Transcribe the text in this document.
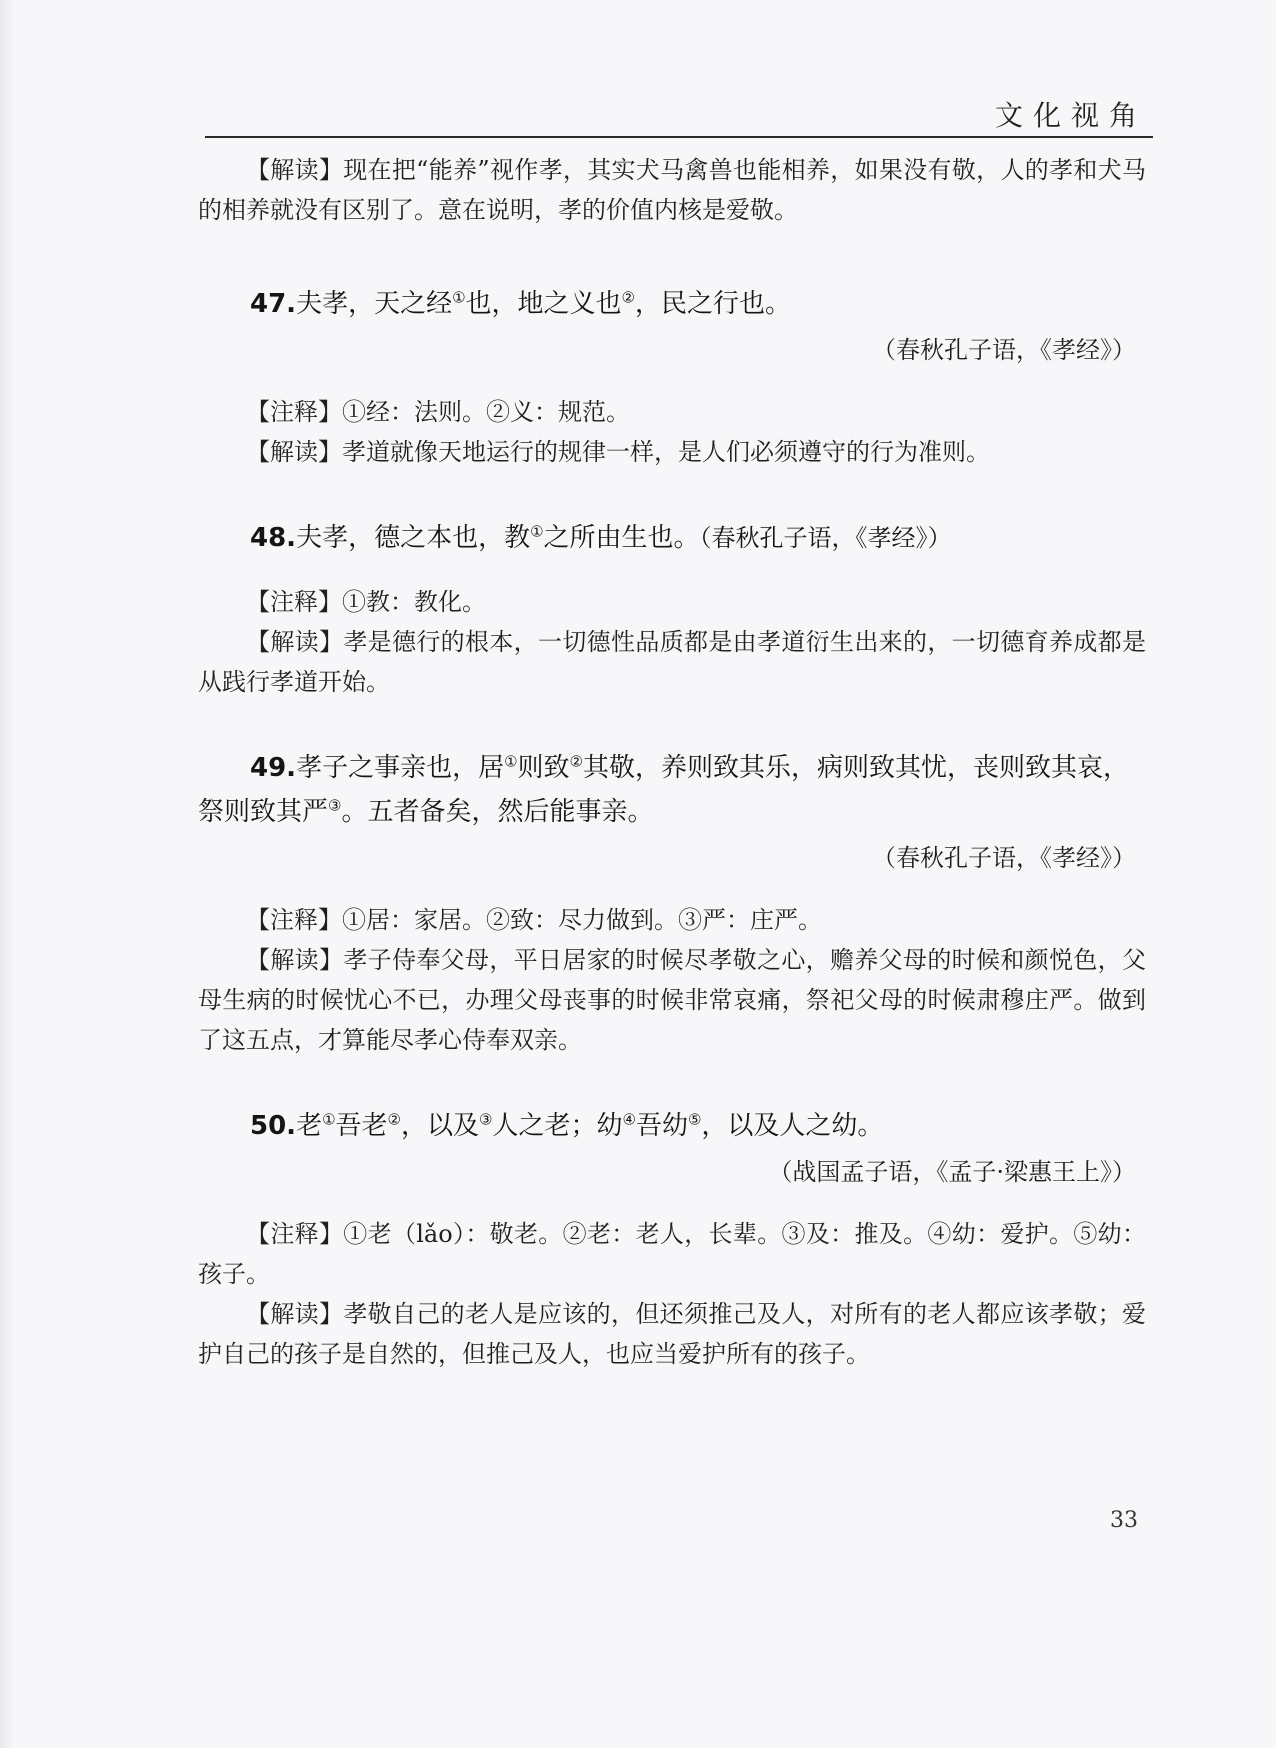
文化视角

【解读】现在把“能养”视作孝，其实犬马禽兽也能相养，如果没有敬，人的孝和犬马的相养就没有区别了。意在说明，孝的价值内核是爱敬。

47.夫孝，天之经①也，地之义也②，民之行也。

（春秋孔子语，《孝经》）

【注释】①经：法则。②义：规范。

【解读】孝道就像天地运行的规律一样，是人们必须遵守的行为准则。

48.夫孝，德之本也，教①之所由生也。（春秋孔子语，《孝经》）

【注释】①教：教化。

【解读】孝是德行的根本，一切德性品质都是由孝道衍生出来的，一切德育养成都是从践行孝道开始。

49.孝子之事亲也，居①则致②其敬，养则致其乐，病则致其忧，丧则致其哀，祭则致其严③。五者备矣，然后能事亲。

（春秋孔子语，《孝经》）

【注释】①居：家居。②致：尽力做到。③严：庄严。

【解读】孝子侍奉父母，平日居家的时候尽孝敬之心，赡养父母的时候和颜悦色，父母生病的时候忧心不已，办理父母丧事的时候非常哀痛，祭祀父母的时候肃穆庄严。做到了这五点，才算能尽孝心侍奉双亲。

50.老①吾老②，以及③人之老；幼④吾幼⑤，以及人之幼。

（战国孟子语，《孟子·梁惠王上》）

【注释】①老（lǎo）：敬老。②老：老人，长辈。③及：推及。④幼：爱护。⑤幼：孩子。

【解读】孝敬自己的老人是应该的，但还须推己及人，对所有的老人都应该孝敬；爱护自己的孩子是自然的，但推己及人，也应当爱护所有的孩子。

33
